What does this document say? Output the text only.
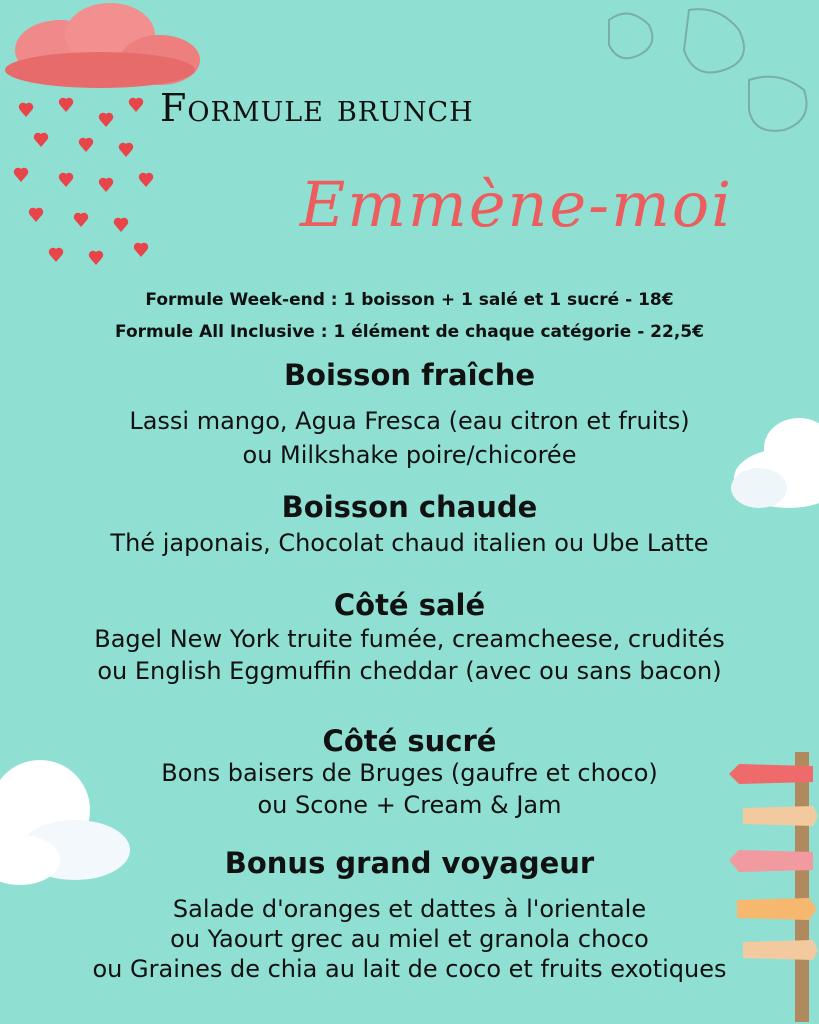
Formule brunch
Emmène-moi
Formule Week-end : 1 boisson + 1 salé et 1 sucré - 18€
Formule All Inclusive : 1 élément de chaque catégorie - 22,5€
Boisson fraîche
Lassi mango, Agua Fresca (eau citron et fruits)
ou Milkshake poire/chicorée
Boisson chaude
Thé japonais, Chocolat chaud italien ou Ube Latte
Côté salé
Bagel New York truite fumée, creamcheese, crudités
ou English Eggmuffin cheddar (avec ou sans bacon)
Côté sucré
Bons baisers de Bruges (gaufre et choco)
ou Scone + Cream & Jam
Bonus grand voyageur
Salade d'oranges et dattes à l'orientale
ou Yaourt grec au miel et granola choco
ou Graines de chia au lait de coco et fruits exotiques
